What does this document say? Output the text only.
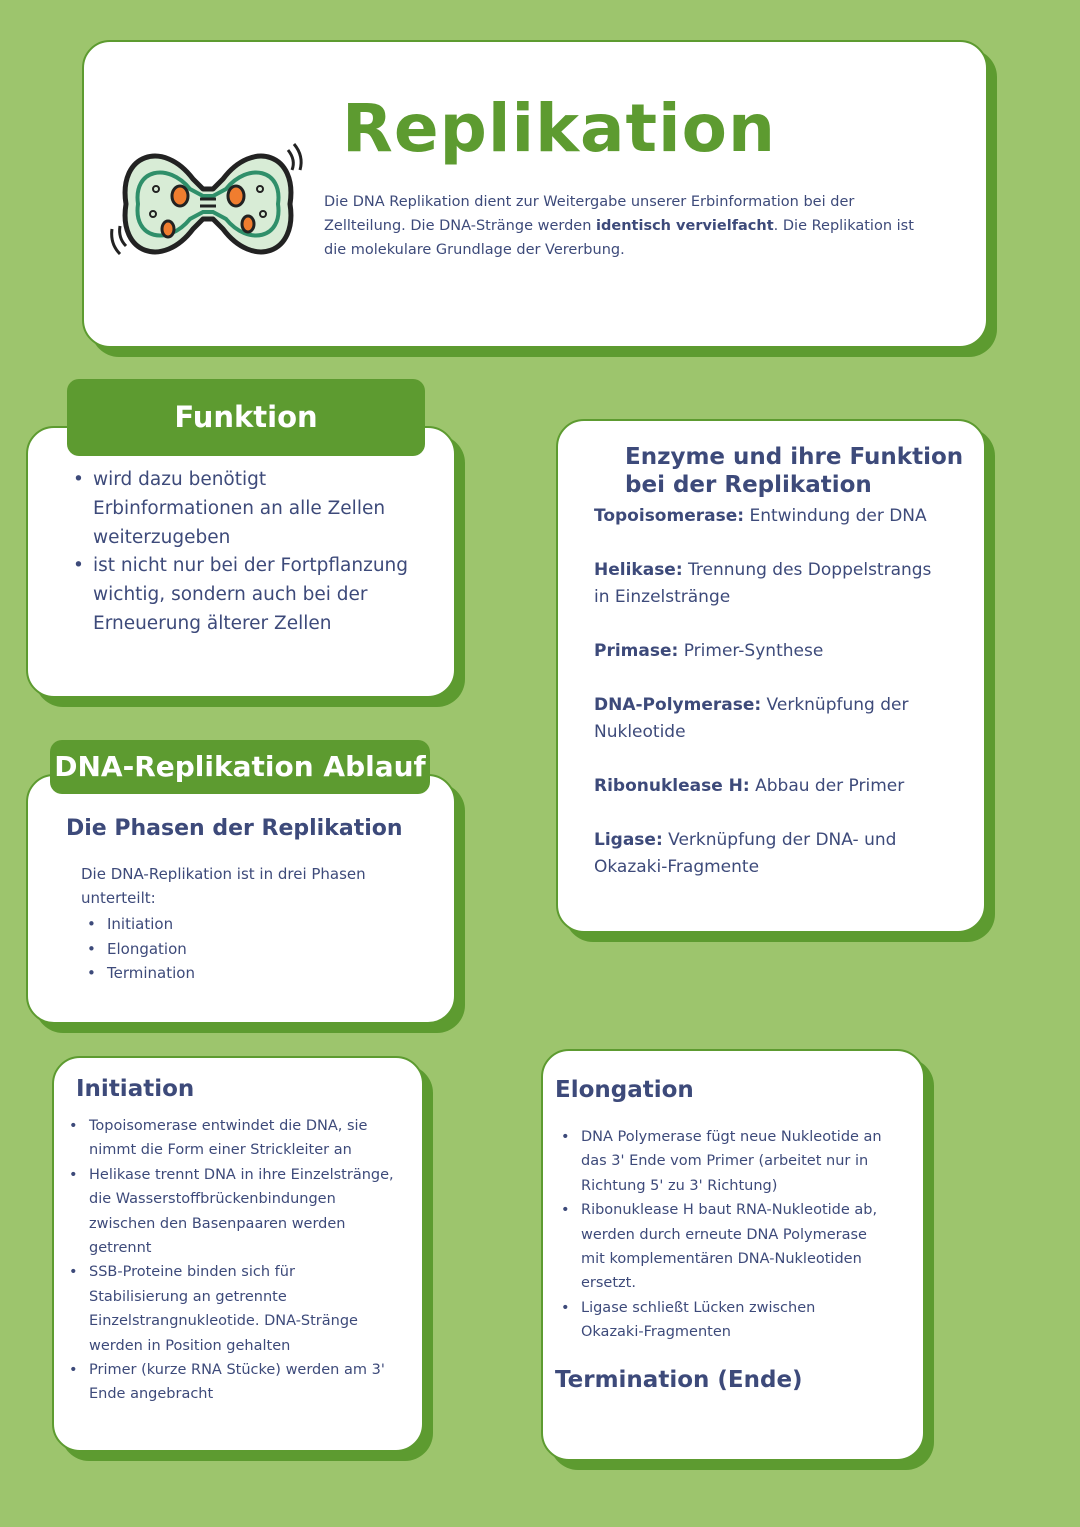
Replikation
Die DNA Replikation dient zur Weitergabe unserer Erbinformation bei der
Zellteilung. Die DNA-Stränge werden identisch vervielfacht. Die Replikation ist
die molekulare Grundlage der Vererbung.
• wird dazu benötigt
Erbinformationen an alle Zellen
weiterzugeben
• ist nicht nur bei der Fortpflanzung
wichtig, sondern auch bei der
Erneuerung älterer Zellen
Funktion
Die Phasen der Replikation
Die DNA-Replikation ist in drei Phasen
unterteilt:
• Initiation
• Elongation
• Termination
DNA-Replikation Ablauf
Enzyme und ihre Funktion
bei der Replikation
Topoisomerase: Entwindung der DNA
Helikase: Trennung des Doppelstrangs
in Einzelstränge
Primase: Primer-Synthese
DNA-Polymerase: Verknüpfung der
Nukleotide
Ribonuklease H: Abbau der Primer
Ligase: Verknüpfung der DNA- und
Okazaki-Fragmente
Initiation
• Topoisomerase entwindet die DNA, sie
nimmt die Form einer Strickleiter an
• Helikase trennt DNA in ihre Einzelstränge,
die Wasserstoffbrückenbindungen
zwischen den Basenpaaren werden
getrennt
• SSB-Proteine binden sich für
Stabilisierung an getrennte
Einzelstrangnukleotide. DNA-Stränge
werden in Position gehalten
• Primer (kurze RNA Stücke) werden am 3'
Ende angebracht
Elongation
• DNA Polymerase fügt neue Nukleotide an
das 3' Ende vom Primer (arbeitet nur in
Richtung 5' zu 3' Richtung)
• Ribonuklease H baut RNA-Nukleotide ab,
werden durch erneute DNA Polymerase
mit komplementären DNA-Nukleotiden
ersetzt.
• Ligase schließt Lücken zwischen
Okazaki-Fragmenten
Termination (Ende)
